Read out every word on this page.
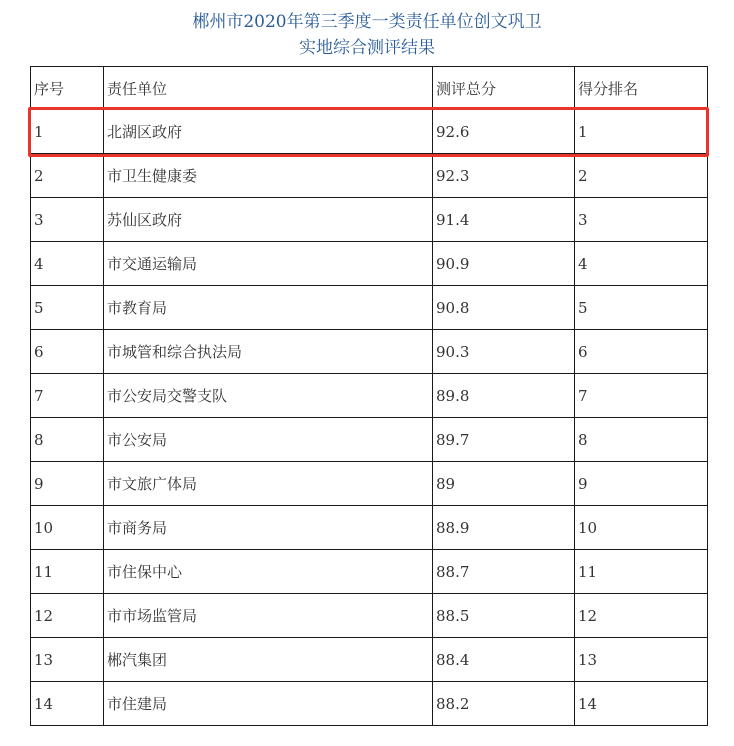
郴州市2020年第三季度一类责任单位创文巩卫
实地综合测评结果
序号	责任单位	测评总分	得分排名
1	北湖区政府	92.6	1
2	市卫生健康委	92.3	2
3	苏仙区政府	91.4	3
4	市交通运输局	90.9	4
5	市教育局	90.8	5
6	市城管和综合执法局	90.3	6
7	市公安局交警支队	89.8	7
8	市公安局	89.7	8
9	市文旅广体局	89	9
10	市商务局	88.9	10
11	市住保中心	88.7	11
12	市市场监管局	88.5	12
13	郴汽集团	88.4	13
14	市住建局	88.2	14
